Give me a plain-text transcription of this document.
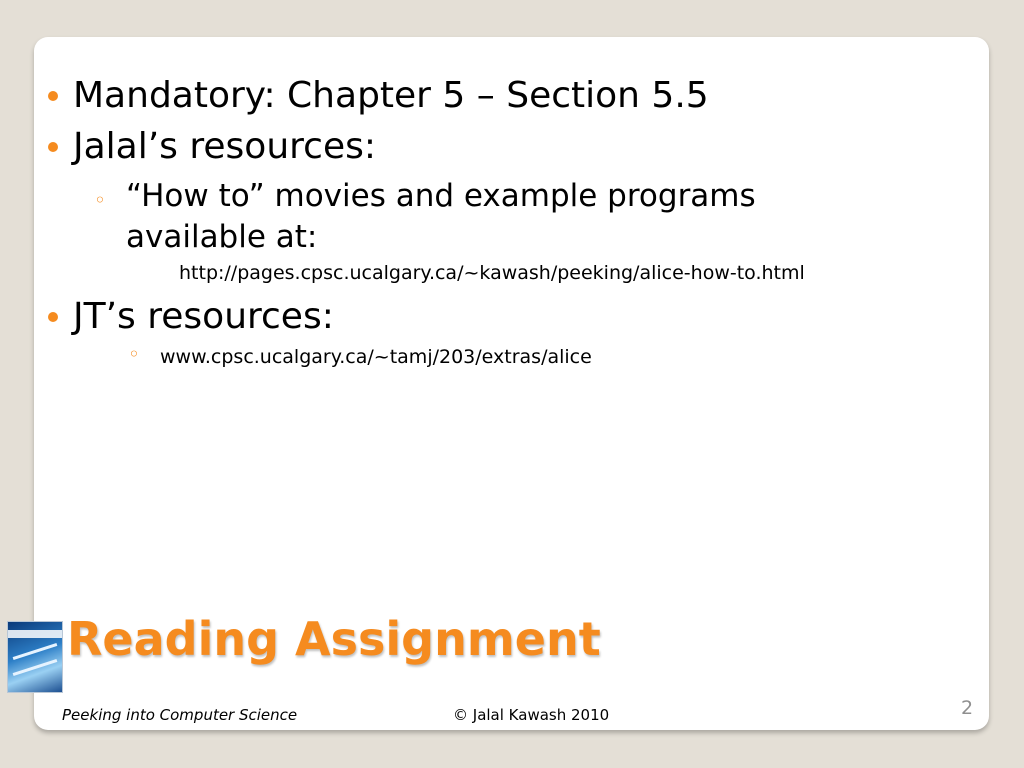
Mandatory: Chapter 5 – Section 5.5
Jalal’s resources:
◦ “How to” movies and example programs available at:
http://pages.cpsc.ucalgary.ca/~kawash/peeking/alice-how-to.html
JT’s resources:
◦ www.cpsc.ucalgary.ca/~tamj/203/extras/alice
Reading Assignment
Peeking into Computer Science	© Jalal Kawash 2010	2
